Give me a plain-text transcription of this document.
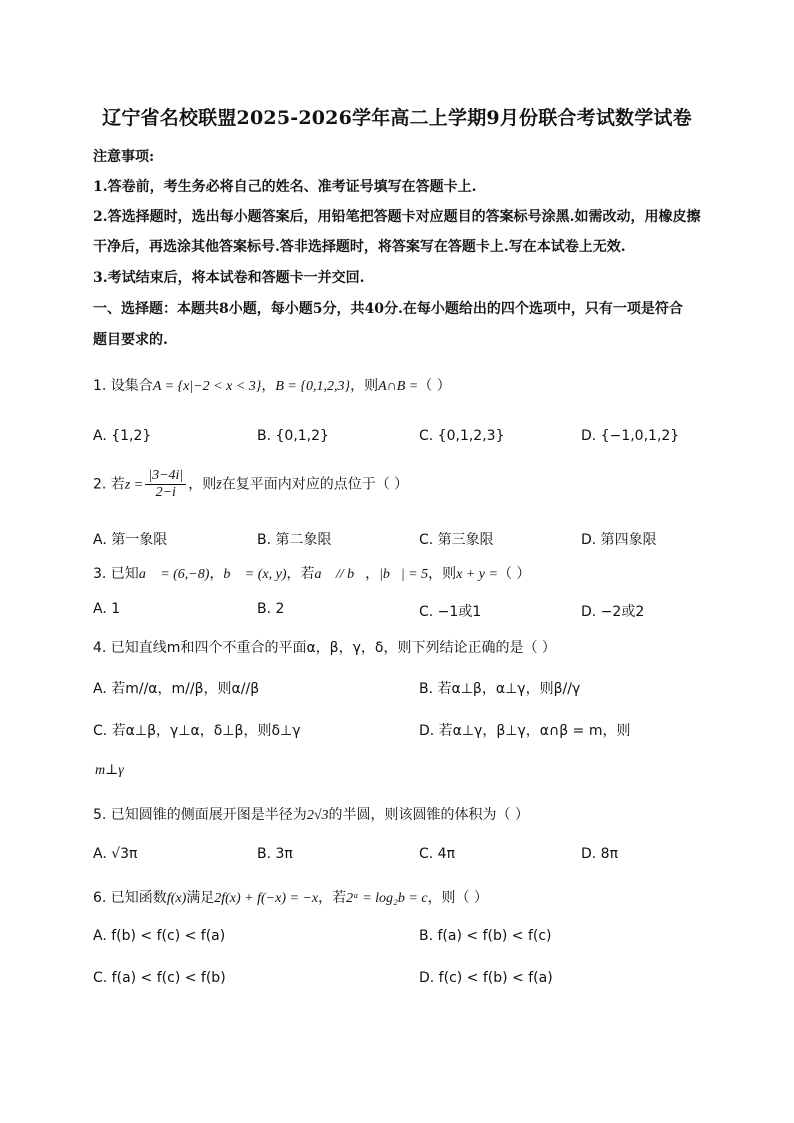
辽宁省名校联盟2025-2026学年高二上学期9月份联合考试数学试卷
注意事项:
1.答卷前，考生务必将自己的姓名、准考证号填写在答题卡上.
2.答选择题时，选出每小题答案后，用铅笔把答题卡对应题目的答案标号涂黑.如需改动，用橡皮擦
干净后，再选涂其他答案标号.答非选择题时，将答案写在答题卡上.写在本试卷上无效.
3.考试结束后，将本试卷和答题卡一并交回.
一、选择题：本题共8小题，每小题5分，共40分.在每小题给出的四个选项中，只有一项是符合
题目要求的.
1. 设集合A = {x|−2 < x < 3}，B = {0,1,2,3}，则A∩B =（ ）
A. {1,2}	B. {0,1,2}	C. {0,1,2,3}	D. {−1,0,1,2}
2. 若$z = \frac{|3-4i|}{2-i}$ ，则z̄在复平面内对应的点位于（ ）
A. 第一象限	B. 第二象限	C. 第三象限	D. 第四象限
3. 已知a⃗ = (6,−8)，b⃗ = (x, y)，若a⃗ // b⃗，|b⃗| = 5，则x + y =（ ）
A. 1	B. 2	C. −1或1	D. −2或2
4. 已知直线m和四个不重合的平面α，β，γ，δ，则下列结论正确的是（ ）
A. 若m//α，m//β，则α//β	B. 若α⊥β，α⊥γ，则β//γ
C. 若α⊥β，γ⊥α，δ⊥β，则δ⊥γ	D. 若α⊥γ，β⊥γ，α∩β = m，则
m⊥γ
5. 已知圆锥的侧面展开图是半径为2√3的半圆，则该圆锥的体积为（ ）
A. √3π	B. 3π	C. 4π	D. 8π
6. 已知函数f(x)满足2f(x) + f(−x) = −x，若2ᵃ = log₂b = c，则（ ）
A. f(b) < f(c) < f(a)	B. f(a) < f(b) < f(c)
C. f(a) < f(c) < f(b)	D. f(c) < f(b) < f(a)
